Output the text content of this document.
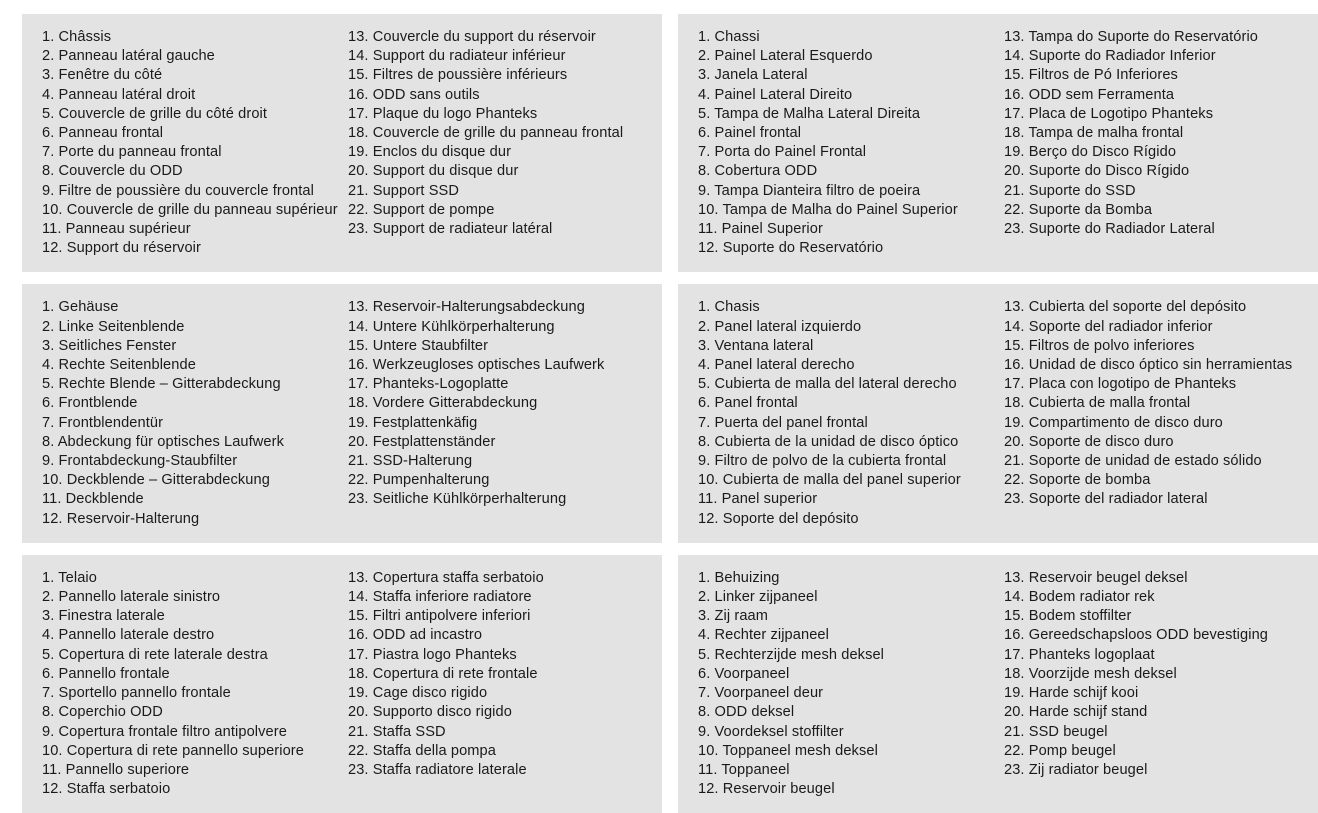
1. Châssis
2. Panneau latéral gauche
3. Fenêtre du côté
4. Panneau latéral droit
5. Couvercle de grille du côté droit
6. Panneau frontal
7. Porte du panneau frontal
8. Couvercle du ODD
9. Filtre de poussière du couvercle frontal
10. Couvercle de grille du panneau supérieur
11. Panneau supérieur
12. Support du réservoir
13. Couvercle du support du réservoir
14. Support du radiateur inférieur
15. Filtres de poussière inférieurs
16. ODD sans outils
17. Plaque du logo Phanteks
18. Couvercle de grille du panneau frontal
19. Enclos du disque dur
20. Support du disque dur
21. Support SSD
22. Support de pompe
23. Support de radiateur latéral
1. Chassi
2. Painel Lateral Esquerdo
3. Janela Lateral
4. Painel Lateral Direito
5. Tampa de Malha Lateral Direita
6. Painel frontal
7. Porta do Painel Frontal
8. Cobertura ODD
9. Tampa Dianteira filtro de poeira
10. Tampa de Malha do Painel Superior
11. Painel Superior
12. Suporte do Reservatório
13. Tampa do Suporte do Reservatório
14. Suporte do Radiador Inferior
15. Filtros de Pó Inferiores
16. ODD sem Ferramenta
17. Placa de Logotipo Phanteks
18. Tampa de malha frontal
19. Berço do Disco Rígido
20. Suporte do Disco Rígido
21. Suporte do SSD
22. Suporte da Bomba
23. Suporte do Radiador Lateral
1. Gehäuse
2. Linke Seitenblende
3. Seitliches Fenster
4. Rechte Seitenblende
5. Rechte Blende – Gitterabdeckung
6. Frontblende
7. Frontblendentür
8. Abdeckung für optisches Laufwerk
9. Frontabdeckung-Staubfilter
10. Deckblende – Gitterabdeckung
11. Deckblende
12. Reservoir-Halterung
13. Reservoir-Halterungsabdeckung
14. Untere Kühlkörperhalterung
15. Untere Staubfilter
16. Werkzeugloses optisches Laufwerk
17. Phanteks-Logoplatte
18. Vordere Gitterabdeckung
19. Festplattenkäfig
20. Festplattenständer
21. SSD-Halterung
22. Pumpenhalterung
23. Seitliche Kühlkörperhalterung
1. Chasis
2. Panel lateral izquierdo
3. Ventana lateral
4. Panel lateral derecho
5. Cubierta de malla del lateral derecho
6. Panel frontal
7. Puerta del panel frontal
8. Cubierta de la unidad de disco óptico
9. Filtro de polvo de la cubierta frontal
10. Cubierta de malla del panel superior
11. Panel superior
12. Soporte del depósito
13. Cubierta del soporte del depósito
14. Soporte del radiador inferior
15. Filtros de polvo inferiores
16. Unidad de disco óptico sin herramientas
17. Placa con logotipo de Phanteks
18. Cubierta de malla frontal
19. Compartimento de disco duro
20. Soporte de disco duro
21. Soporte de unidad de estado sólido
22. Soporte de bomba
23. Soporte del radiador lateral
1. Telaio
2. Pannello laterale sinistro
3. Finestra laterale
4. Pannello laterale destro
5. Copertura di rete laterale destra
6. Pannello frontale
7. Sportello pannello frontale
8. Coperchio ODD
9. Copertura frontale filtro antipolvere
10. Copertura di rete pannello superiore
11. Pannello superiore
12. Staffa serbatoio
13. Copertura staffa serbatoio
14. Staffa inferiore radiatore
15. Filtri antipolvere inferiori
16. ODD ad incastro
17. Piastra logo Phanteks
18. Copertura di rete frontale
19. Cage disco rigido
20. Supporto disco rigido
21. Staffa SSD
22. Staffa della pompa
23. Staffa radiatore laterale
1. Behuizing
2. Linker zijpaneel
3. Zij raam
4. Rechter zijpaneel
5. Rechterzijde mesh deksel
6. Voorpaneel
7. Voorpaneel deur
8. ODD deksel
9. Voordeksel stoffilter
10. Toppaneel mesh deksel
11. Toppaneel
12. Reservoir beugel
13. Reservoir beugel deksel
14. Bodem radiator rek
15. Bodem stoffilter
16. Gereedschapsloos ODD bevestiging
17. Phanteks logoplaat
18. Voorzijde mesh deksel
19. Harde schijf kooi
20. Harde schijf stand
21. SSD beugel
22. Pomp beugel
23. Zij radiator beugel
